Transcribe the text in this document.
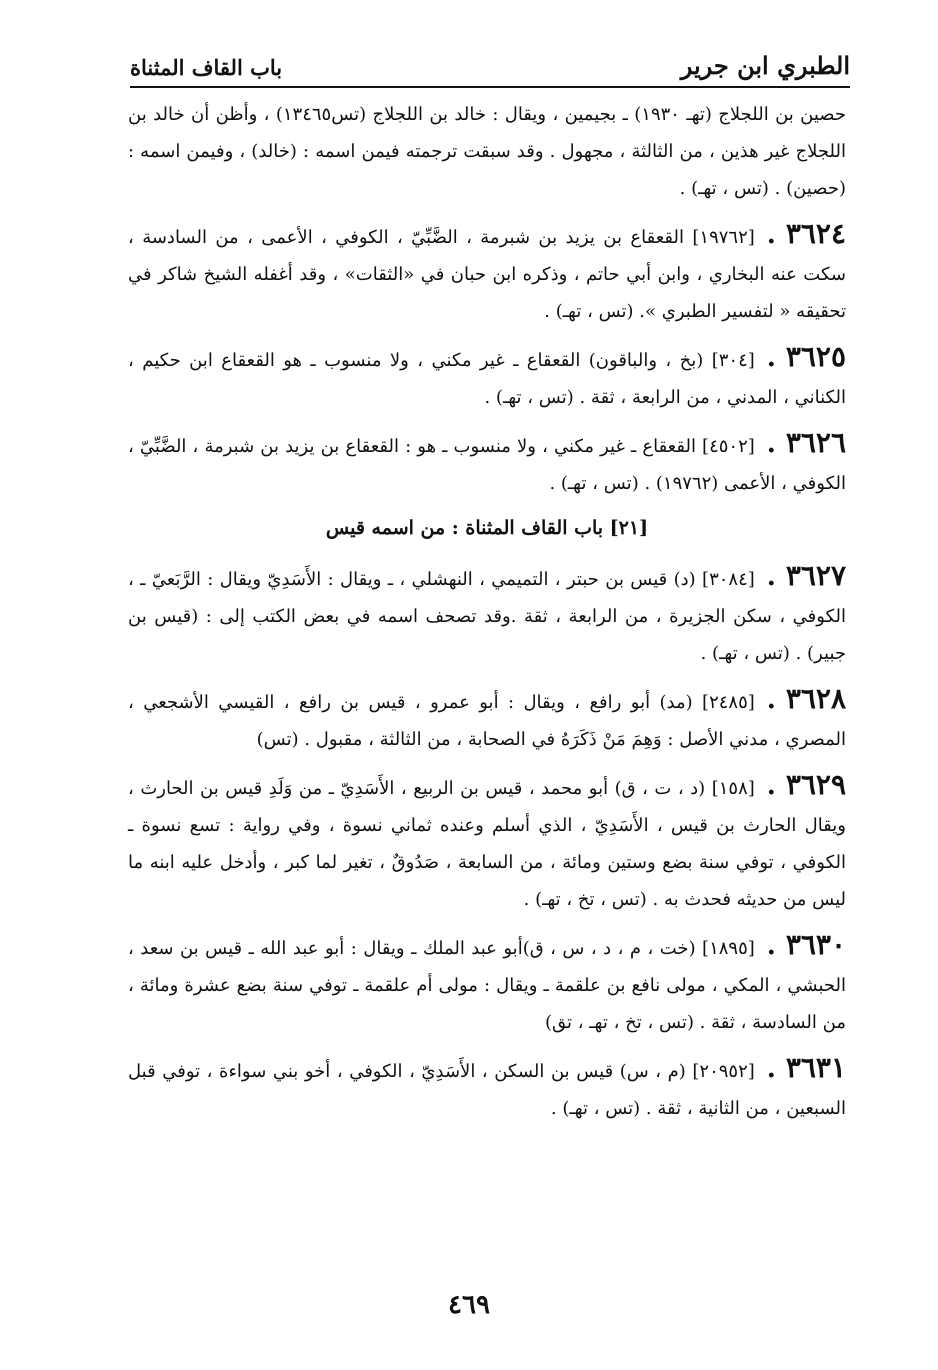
الطبري ابن جرير
باب القاف المثناة

حصين بن اللجلاج (تهـ ١٩٣٠) ـ بجيمين ، ويقال : خالد بن اللجلاج (تس١٣٤٦٥) ، وأظن أن خالد بن اللجلاج غير هذين ، من الثالثة ، مجهول . وقد سبقت ترجمته فيمن اسمه : (خالد) ، وفيمن اسمه : (حصين) . (تس ، تهـ) .

٣٦٢٤.[١٩٧٦٢] القعقاع بن يزيد بن شبرمة ، الضَّبِّيّ ، الكوفي ، الأعمى ، من السادسة ، سكت عنه البخاري ، وابن أبي حاتم ، وذكره ابن حبان في «الثقات» ، وقد أغفله الشيخ شاكر في تحقيقه « لتفسير الطبري ». (تس ، تهـ) .

٣٦٢٥.[٣٠٤] (بخ ، والباقون) القعقاع ـ غير مكني ، ولا منسوب ـ هو القعقاع ابن حكيم ، الكناني ، المدني ، من الرابعة ، ثقة . (تس ، تهـ) .

٣٦٢٦.[٤٥٠٢] القعقاع ـ غير مكني ، ولا منسوب ـ هو : القعقاع بن يزيد بن شبرمة ، الضَّبِّيّ ، الكوفي ، الأعمى (١٩٧٦٢) . (تس ، تهـ) .

[٢١] باب القاف المثناة : من اسمه قيس

٣٦٢٧.[٣٠٨٤] (د) قيس بن حبتر ، التميمي ، النهشلي ، ـ ويقال : الأَسَدِيّ ويقال : الرَّبَعيّ ـ ، الكوفي ، سكن الجزيرة ، من الرابعة ، ثقة .وقد تصحف اسمه في بعض الكتب إلى : (قيس بن جبير) . (تس ، تهـ) .

٣٦٢٨.[٢٤٨٥] (مد) أبو رافع ، ويقال : أبو عمرو ، قيس بن رافع ، القيسي الأشجعي ، المصري ، مدني الأصل : وَهِمَ مَنْ ذَكَرَهُ في الصحابة ، من الثالثة ، مقبول . (تس)

٣٦٢٩.[١٥٨] (د ، ت ، ق) أبو محمد ، قيس بن الربيع ، الأَسَدِيّ ـ من وَلَدِ قيس بن الحارث ، ويقال الحارث بن قيس ، الأَسَدِيّ ، الذي أسلم وعنده ثماني نسوة ، وفي رواية : تسع نسوة ـ الكوفي ، توفي سنة بضع وستين ومائة ، من السابعة ، صَدُوقٌ ، تغير لما كبر ، وأدخل عليه ابنه ما ليس من حديثه فحدث به . (تس ، تخ ، تهـ) .

٣٦٣٠.[١٨٩٥] (خت ، م ، د ، س ، ق)أبو عبد الملك ـ ويقال : أبو عبد الله ـ قيس بن سعد ، الحبشي ، المكي ، مولى نافع بن علقمة ـ ويقال : مولى أم علقمة ـ توفي سنة بضع عشرة ومائة ، من السادسة ، ثقة . (تس ، تخ ، تهـ ، تق)

٣٦٣١.[٢٠٩٥٢] (م ، س) قيس بن السكن ، الأَسَدِيّ ، الكوفي ، أخو بني سواءة ، توفي قبل السبعين ، من الثانية ، ثقة . (تس ، تهـ) .

٤٦٩
